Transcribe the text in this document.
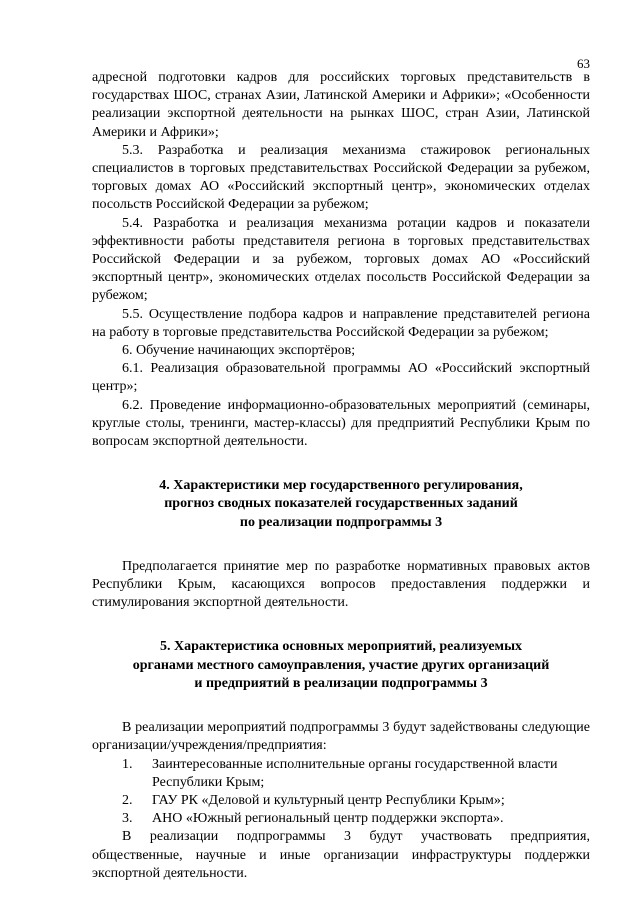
63

адресной подготовки кадров для российских торговых представительств в государствах ШОС, странах Азии, Латинской Америки и Африки»; «Особенности реализации экспортной деятельности на рынках ШОС, стран Азии, Латинской Америки и Африки»;

5.3. Разработка и реализация механизма стажировок региональных специалистов в торговых представительствах Российской Федерации за рубежом, торговых домах АО «Российский экспортный центр», экономических отделах посольств Российской Федерации за рубежом;

5.4. Разработка и реализация механизма ротации кадров и показатели эффективности работы представителя региона в торговых представительствах Российской Федерации и за рубежом, торговых домах АО «Российский экспортный центр», экономических отделах посольств Российской Федерации за рубежом;

5.5. Осуществление подбора кадров и направление представителей региона на работу в торговые представительства Российской Федерации за рубежом;

6. Обучение начинающих экспортёров;

6.1. Реализация образовательной программы АО «Российский экспортный центр»;

6.2. Проведение информационно-образовательных мероприятий (семинары, круглые столы, тренинги, мастер-классы) для предприятий Республики Крым по вопросам экспортной деятельности.

4. Характеристики мер государственного регулирования,
прогноз сводных показателей государственных заданий
по реализации подпрограммы 3

Предполагается принятие мер по разработке нормативных правовых актов Республики Крым, касающихся вопросов предоставления поддержки и стимулирования экспортной деятельности.

5. Характеристика основных мероприятий, реализуемых
органами местного самоуправления, участие других организаций
и предприятий в реализации подпрограммы 3

В реализации мероприятий подпрограммы 3 будут задействованы следующие организации/учреждения/предприятия:

1. Заинтересованные исполнительные органы государственной власти Республики Крым;
2. ГАУ РК «Деловой и культурный центр Республики Крым»;
3. АНО «Южный региональный центр поддержки экспорта».

В реализации подпрограммы 3 будут участвовать предприятия, общественные, научные и иные организации инфраструктуры поддержки экспортной деятельности.
